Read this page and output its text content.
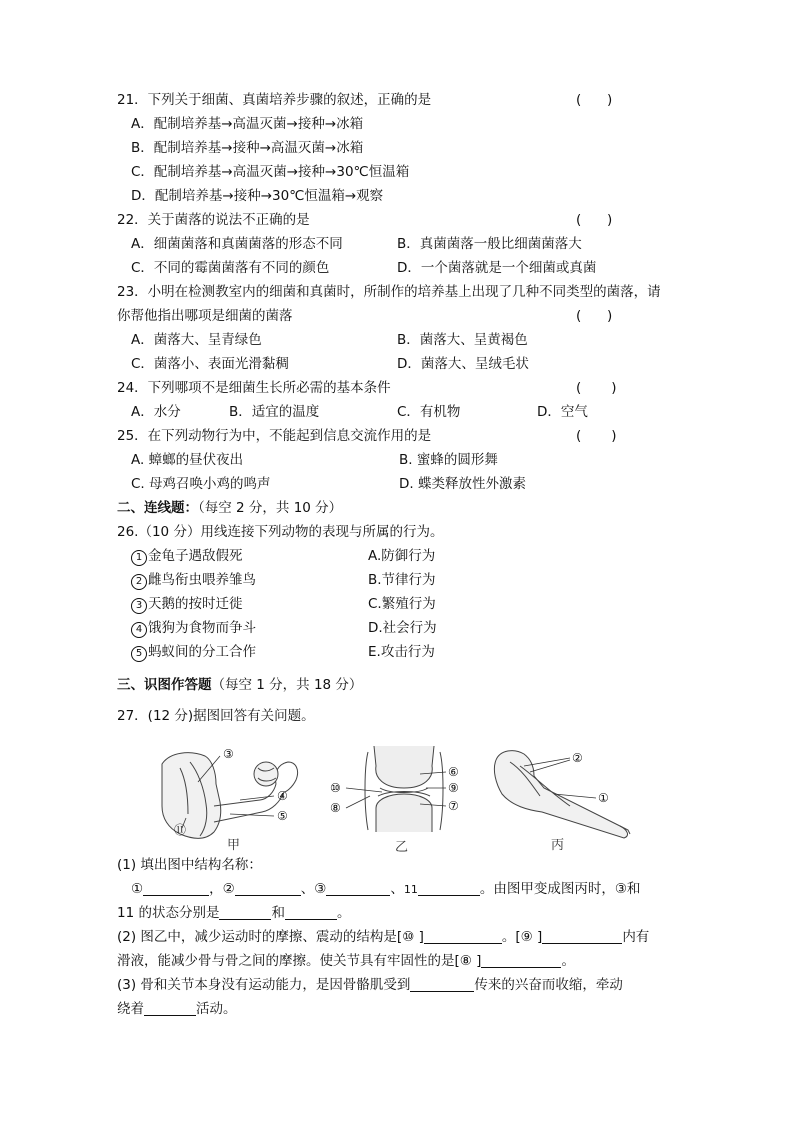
21．下列关于细菌、真菌培养步骤的叙述，正确的是	(      )
A．配制培养基→高温灭菌→接种→冰箱
B．配制培养基→接种→高温灭菌→冰箱
C．配制培养基→高温灭菌→接种→30℃恒温箱
D．配制培养基→接种→30℃恒温箱→观察
22．关于菌落的说法不正确的是	(      )
A．细菌菌落和真菌菌落的形态不同	B．真菌菌落一般比细菌菌落大
C．不同的霉菌菌落有不同的颜色	D．一个菌落就是一个细菌或真菌
23．小明在检测教室内的细菌和真菌时，所制作的培养基上出现了几种不同类型的菌落，请
你帮他指出哪项是细菌的菌落	(      )
A．菌落大、呈青绿色	B．菌落大、呈黄褐色
C．菌落小、表面光滑黏稠	D．菌落大、呈绒毛状
24．下列哪项不是细菌生长所必需的基本条件	(       )
A．水分	B．适宜的温度	C．有机物	D．空气
25．在下列动物行为中，不能起到信息交流作用的是	(       )
A. 蟑螂的昼伏夜出	B. 蜜蜂的圆形舞
C. 母鸡召唤小鸡的鸣声	D. 蝶类释放性外激素
二、连线题：（每空 2 分，共 10 分）
26.（10 分）用线连接下列动物的表现与所属的行为。
1 金龟子遇敌假死	A.防御行为
2 雌鸟衔虫喂养雏鸟	B.节律行为
3 天鹅的按时迁徙	C.繁殖行为
4 饿狗为食物而争斗	D.社会行为
5 蚂蚁间的分工合作	E.攻击行为
三、识图作答题（每空 1 分，共 18 分）
27．(12 分)据图回答有关问题。
③
④
⑤
⑪
⑥
⑨
⑦
⑩
⑧
②
①
甲	乙	丙
(1) 填出图中结构名称：
①	，②	、③	、11	。由图甲变成图丙时，③和
11 的状态分别是	和	。
(2) 图乙中，减少运动时的摩擦、震动的结构是[⑩ ]	。[⑨ ]	内有
滑液，能减少骨与骨之间的摩擦。使关节具有牢固性的是[⑧ ]	。
(3) 骨和关节本身没有运动能力，是因骨骼肌受到	传来的兴奋而收缩，牵动
绕着	活动。
